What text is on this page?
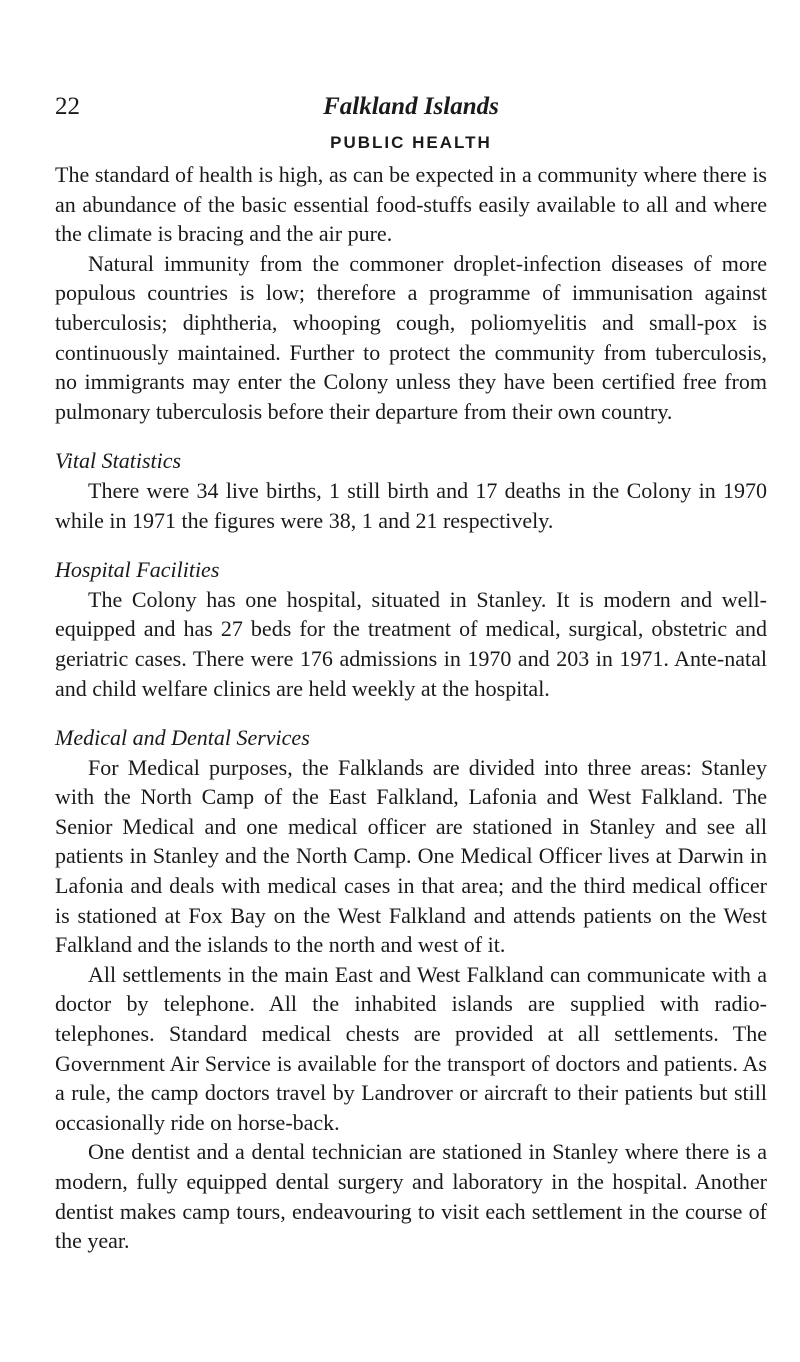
22	Falkland Islands
PUBLIC HEALTH

The standard of health is high, as can be expected in a community where there is an abundance of the basic essential food-stuffs easily available to all and where the climate is bracing and the air pure.

Natural immunity from the commoner droplet-infection diseases of more populous countries is low; therefore a programme of immunisation against tuberculosis; diphtheria, whooping cough, poliomyelitis and small-pox is continuously maintained. Further to protect the community from tuberculosis, no immigrants may enter the Colony unless they have been certified free from pulmonary tuberculosis before their departure from their own country.

Vital Statistics

There were 34 live births, 1 still birth and 17 deaths in the Colony in 1970 while in 1971 the figures were 38, 1 and 21 respectively.

Hospital Facilities

The Colony has one hospital, situated in Stanley. It is modern and well-equipped and has 27 beds for the treatment of medical, surgical, obstetric and geriatric cases. There were 176 admissions in 1970 and 203 in 1971. Ante-natal and child welfare clinics are held weekly at the hospital.

Medical and Dental Services

For Medical purposes, the Falklands are divided into three areas: Stanley with the North Camp of the East Falkland, Lafonia and West Falkland. The Senior Medical and one medical officer are stationed in Stanley and see all patients in Stanley and the North Camp. One Medical Officer lives at Darwin in Lafonia and deals with medical cases in that area; and the third medical officer is stationed at Fox Bay on the West Falkland and attends patients on the West Falkland and the islands to the north and west of it.

All settlements in the main East and West Falkland can communicate with a doctor by telephone. All the inhabited islands are supplied with radio-telephones. Standard medical chests are provided at all settlements. The Government Air Service is available for the transport of doctors and patients. As a rule, the camp doctors travel by Landrover or aircraft to their patients but still occasionally ride on horse-back.

One dentist and a dental technician are stationed in Stanley where there is a modern, fully equipped dental surgery and laboratory in the hospital. Another dentist makes camp tours, endeavouring to visit each settlement in the course of the year.
